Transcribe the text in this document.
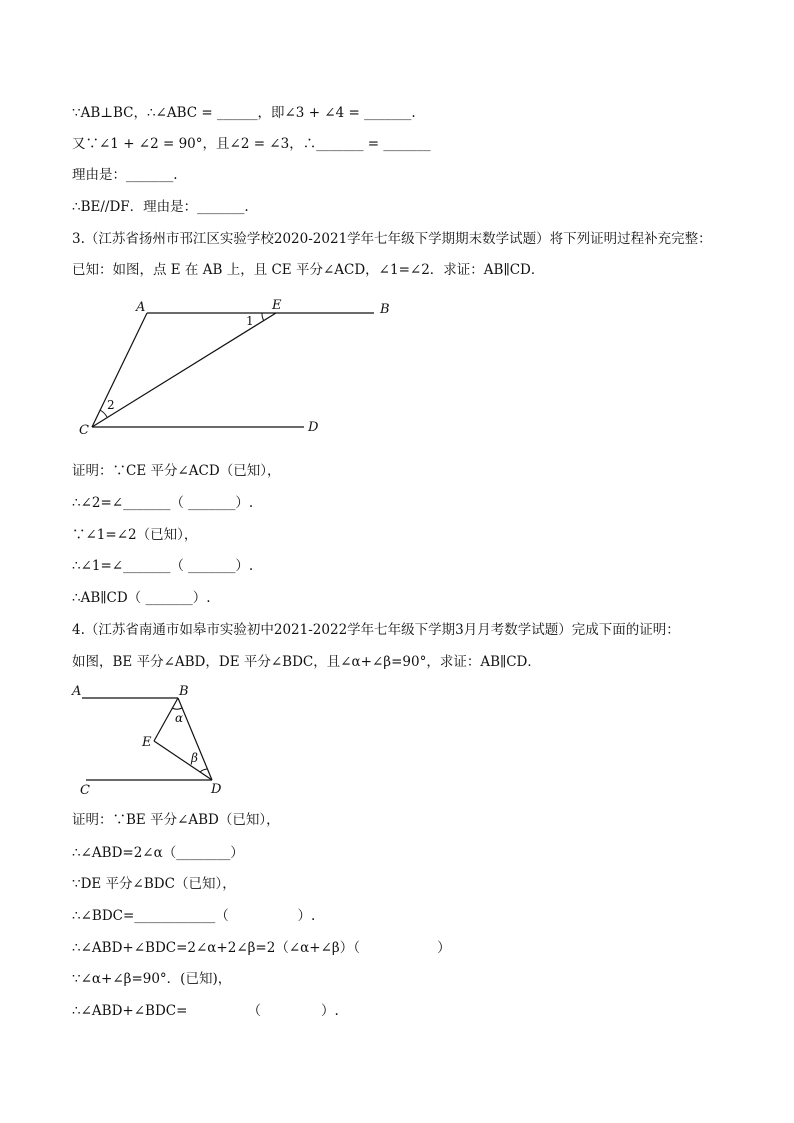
∵AB⊥BC，∴∠ABC = ______，即∠3 + ∠4 = _______.
又∵∠1 + ∠2 = 90°，且∠2 = ∠3，∴_______ = _______
理由是：_______.
∴BE//DF．理由是：_______.
3.（江苏省扬州市邗江区实验学校2020-2021学年七年级下学期期末数学试题）将下列证明过程补充完整：
已知：如图，点 E 在 AB 上，且 CE 平分∠ACD，∠1=∠2．求证：AB∥CD．
A	E	B
C	D
1
2
证明：∵CE 平分∠ACD（已知），
∴∠2=∠_______（ _______）.
∵∠1=∠2（已知），
∴∠1=∠_______（ _______）.
∴AB∥CD（ _______）.
4.（江苏省南通市如皋市实验初中2021-2022学年七年级下学期3月月考数学试题）完成下面的证明：
如图，BE 平分∠ABD，DE 平分∠BDC，且∠α+∠β=90°，求证：AB∥CD．
A	B
E
C	D
α
β
证明：∵BE 平分∠ABD（已知），
∴∠ABD=2∠α（________）
∵DE 平分∠BDC（已知），
∴∠BDC=____________（                ）.
∴∠ABD+∠BDC=2∠α+2∠β=2（∠α+∠β）（                  ）
∵∠α+∠β=90°．(已知)，
∴∠ABD+∠BDC=              （              ）.
